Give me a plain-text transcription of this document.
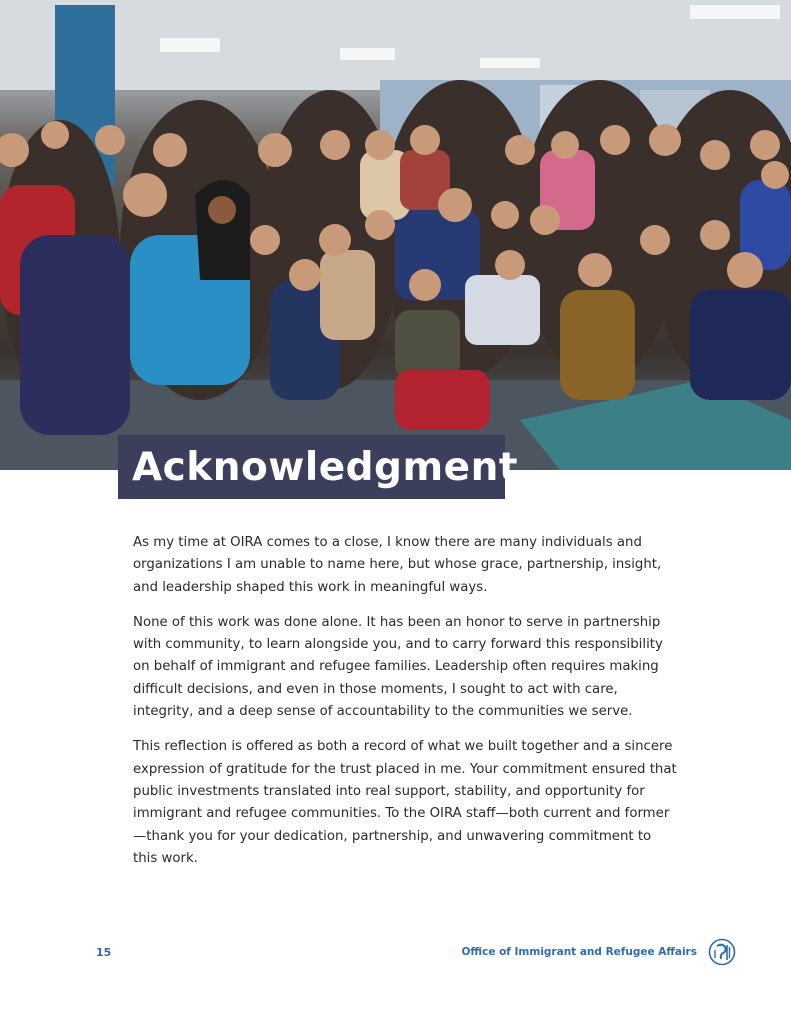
Acknowledgment

As my time at OIRA comes to a close, I know there are many individuals and organizations I am unable to name here, but whose grace, partnership, insight, and leadership shaped this work in meaningful ways.

None of this work was done alone. It has been an honor to serve in partnership with community, to learn alongside you, and to carry forward this responsibility on behalf of immigrant and refugee families. Leadership often requires making difficult decisions, and even in those moments, I sought to act with care, integrity, and a deep sense of accountability to the communities we serve.

This reflection is offered as both a record of what we built together and a sincere expression of gratitude for the trust placed in me. Your commitment ensured that public investments translated into real support, stability, and opportunity for immigrant and refugee communities. To the OIRA staff—both current and former—thank you for your dedication, partnership, and unwavering commitment to this work.

15	Office of Immigrant and Refugee Affairs
